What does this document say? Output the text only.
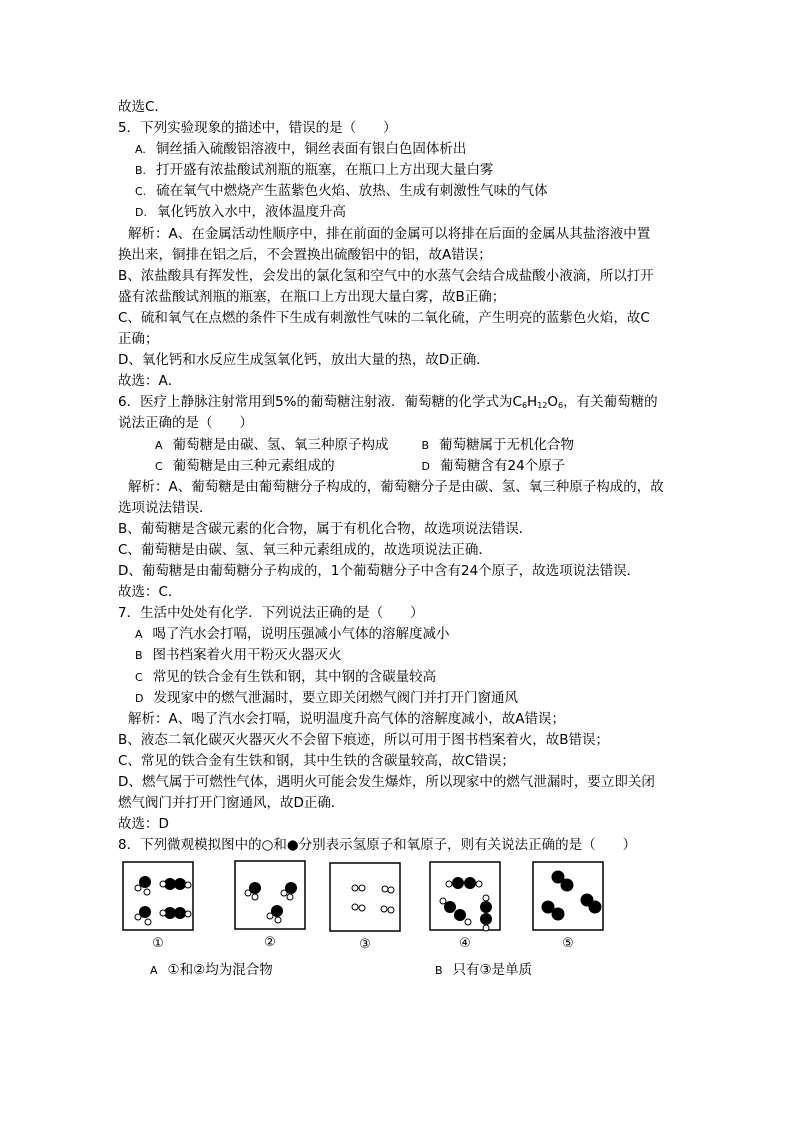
故选C．
5．下列实验现象的描述中，错误的是（　　）
A. 铜丝插入硫酸铝溶液中，铜丝表面有银白色固体析出
B. 打开盛有浓盐酸试剂瓶的瓶塞，在瓶口上方出现大量白雾
C. 硫在氧气中燃烧产生蓝紫色火焰、放热、生成有刺激性气味的气体
D. 氧化钙放入水中，液体温度升高
解析：A、在金属活动性顺序中，排在前面的金属可以将排在后面的金属从其盐溶液中置
换出来，铜排在铝之后，不会置换出硫酸铝中的铝，故A错误；
B、浓盐酸具有挥发性，会发出的氯化氢和空气中的水蒸气会结合成盐酸小液滴，所以打开
盛有浓盐酸试剂瓶的瓶塞，在瓶口上方出现大量白雾，故B正确；
C、硫和氧气在点燃的条件下生成有刺激性气味的二氧化硫，产生明亮的蓝紫色火焰，故C
正确；
D、氧化钙和水反应生成氢氧化钙，放出大量的热，故D正确．
故选：A．
6．医疗上静脉注射常用到5%的葡萄糖注射液．葡萄糖的化学式为$C_6H_{12}O_6$，有关葡萄糖的
说法正确的是（　　）
A 葡萄糖是由碳、氢、氧三种原子构成	B 葡萄糖属于无机化合物
C 葡萄糖是由三种元素组成的	D 葡萄糖含有24个原子
解析：A、葡萄糖是由葡萄糖分子构成的，葡萄糖分子是由碳、氢、氧三种原子构成的，故
选项说法错误．
B、葡萄糖是含碳元素的化合物，属于有机化合物，故选项说法错误．
C、葡萄糖是由碳、氢、氧三种元素组成的，故选项说法正确．
D、葡萄糖是由葡萄糖分子构成的，1个葡萄糖分子中含有24个原子，故选项说法错误．
故选：C．
7．生活中处处有化学．下列说法正确的是（　　）
A 喝了汽水会打嗝，说明压强减小气体的溶解度减小
B 图书档案着火用干粉灭火器灭火
C 常见的铁合金有生铁和钢，其中钢的含碳量较高
D 发现家中的燃气泄漏时，要立即关闭燃气阀门并打开门窗通风
解析：A、喝了汽水会打嗝，说明温度升高气体的溶解度减小，故A错误；
B、液态二氧化碳灭火器灭火不会留下痕迹，所以可用于图书档案着火，故B错误；
C、常见的铁合金有生铁和钢，其中生铁的含碳量较高，故C错误；
D、燃气属于可燃性气体，遇明火可能会发生爆炸，所以现家中的燃气泄漏时，要立即关闭
燃气阀门并打开门窗通风，故D正确．
故选：D
8．下列微观模拟图中的○和●分别表示氢原子和氧原子，则有关说法正确的是（　　）
①	②	③	④	⑤
A ①和②均为混合物	B 只有③是单质
